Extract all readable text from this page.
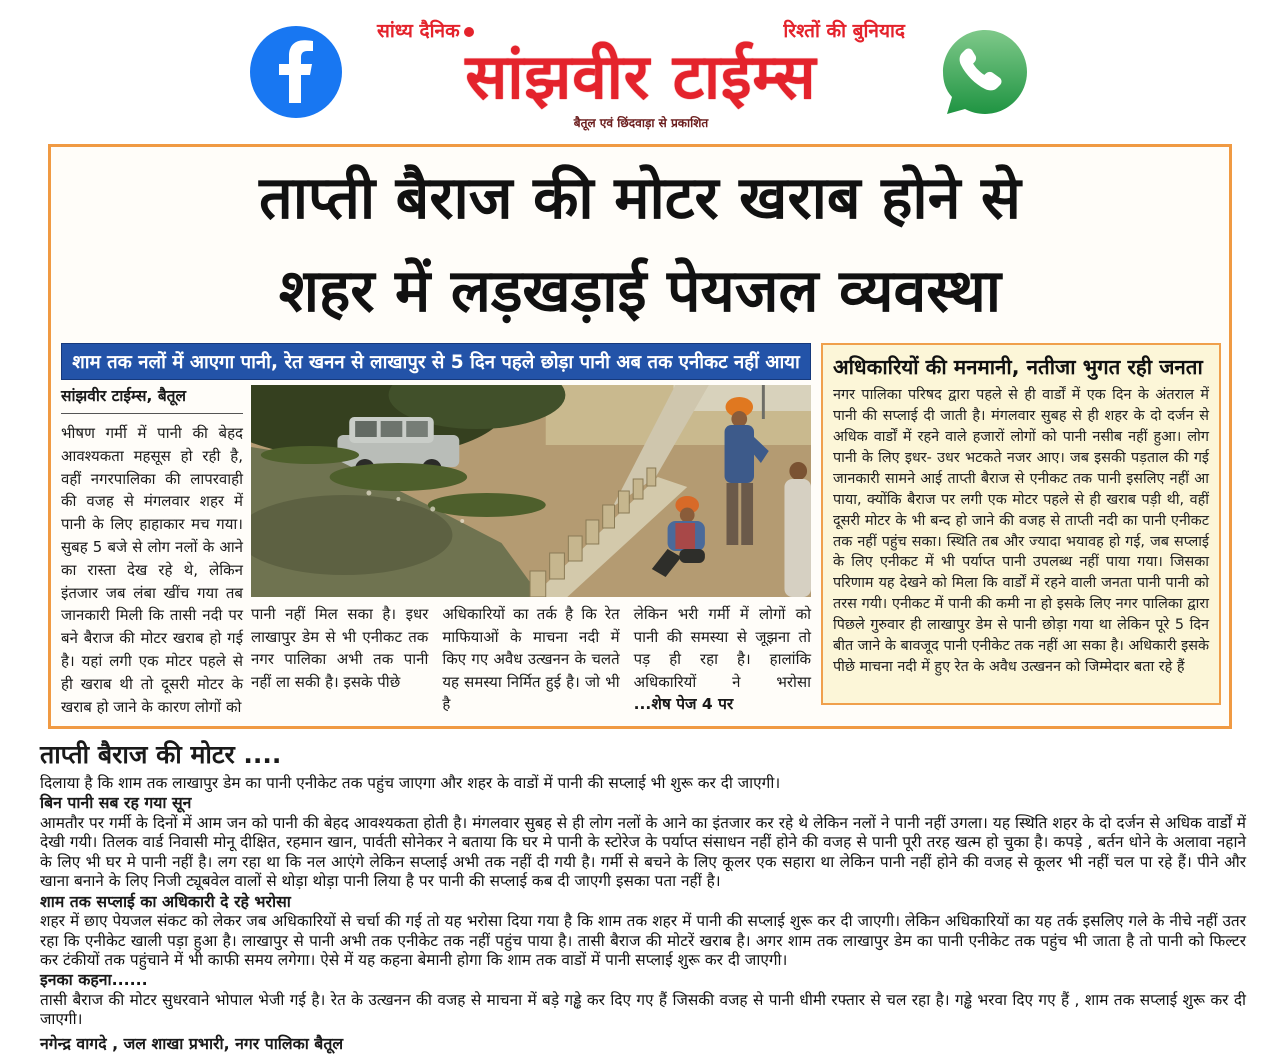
सांध्य दैनिक	रिश्तों की बुनियाद
सांझवीर टाईम्स
बैतूल एवं छिंदवाड़ा से प्रकाशित
ताप्ती बैराज की मोटर खराब होने से
शहर में लड़खड़ाई पेयजल व्यवस्था
शाम तक नलों में आएगा पानी, रेत खनन से लाखापुर से 5 दिन पहले छोड़ा पानी अब तक एनीकट नहीं आया
सांझवीर टाईम्स, बैतूल
भीषण गर्मी में पानी की बेहद आवश्यकता महसूस हो रही है, वहीं नगरपालिका की लापरवाही की वजह से मंगलवार शहर में पानी के लिए हाहाकार मच गया। सुबह 5 बजे से लोग नलों के आने का रास्ता देख रहे थे, लेकिन इंतजार जब लंबा खींच गया तब जानकारी मिली कि तासी नदी पर बने बैराज की मोटर खराब हो गई है। यहां लगी एक मोटर पहले से ही खराब थी तो दूसरी मोटर के खराब हो जाने के कारण लोगों को
पानी नहीं मिल सका है। इधर लाखापुर डेम से भी एनीकट तक नगर पालिका अभी तक पानी नहीं ला सकी है। इसके पीछे
अधिकारियों का तर्क है कि रेत माफियाओं के माचना नदी में किए गए अवैध उत्खनन के चलते यह समस्या निर्मित हुई है। जो भी है
लेकिन भरी गर्मी में लोगों को पानी की समस्या से जूझना तो पड़ ही रहा है। हालांकि अधिकारियों ने भरोसा ...शेष पेज 4 पर
अधिकारियों की मनमानी, नतीजा भुगत रही जनता
नगर पालिका परिषद द्वारा पहले से ही वार्डों में एक दिन के अंतराल में पानी की सप्लाई दी जाती है। मंगलवार सुबह से ही शहर के दो दर्जन से अधिक वार्डों में रहने वाले हजारों लोगों को पानी नसीब नहीं हुआ। लोग पानी के लिए इधर- उधर भटकते नजर आए। जब इसकी पड़ताल की गई जानकारी सामने आई ताप्ती बैराज से एनीकट तक पानी इसलिए नहीं आ पाया, क्योंकि बैराज पर लगी एक मोटर पहले से ही खराब पड़ी थी, वहीं दूसरी मोटर के भी बन्द हो जाने की वजह से ताप्ती नदी का पानी एनीकट तक नहीं पहुंच सका। स्थिति तब और ज्यादा भयावह हो गई, जब सप्लाई के लिए एनीकट में भी पर्याप्त पानी उपलब्ध नहीं पाया गया। जिसका परिणाम यह देखने को मिला कि वार्डों में रहने वाली जनता पानी पानी को तरस गयी। एनीकट में पानी की कमी ना हो इसके लिए नगर पालिका द्वारा पिछले गुरुवार ही लाखापुर डेम से पानी छोड़ा गया था लेकिन पूरे 5 दिन बीत जाने के बावजूद पानी एनीकेट तक नहीं आ सका है। अधिकारी इसके पीछे माचना नदी में हुए रेत के अवैध उत्खनन को जिम्मेदार बता रहे हैं
ताप्ती बैराज की मोटर ....

दिलाया है कि शाम तक लाखापुर डेम का पानी एनीकेट तक पहुंच जाएगा और शहर के वाडों में पानी की सप्लाई भी शुरू कर दी जाएगी।

बिन पानी सब रह गया सून

आमतौर पर गर्मी के दिनों में आम जन को पानी की बेहद आवश्यकता होती है। मंगलवार सुबह से ही लोग नलों के आने का इंतजार कर रहे थे लेकिन नलों ने पानी नहीं उगला। यह स्थिति शहर के दो दर्जन से अधिक वार्डों में देखी गयी। तिलक वार्ड निवासी मोनू दीक्षित, रहमान खान, पार्वती सोनेकर ने बताया कि घर मे पानी के स्टोरेज के पर्याप्त संसाधन नहीं होने की वजह से पानी पूरी तरह खत्म हो चुका है। कपड़े , बर्तन धोने के अलावा नहाने के लिए भी घर मे पानी नहीं है। लग रहा था कि नल आएंगे लेकिन सप्लाई अभी तक नहीं दी गयी है। गर्मी से बचने के लिए कूलर एक सहारा था लेकिन पानी नहीं होने की वजह से कूलर भी नहीं चल पा रहे हैं। पीने और खाना बनाने के लिए निजी ट्यूबवेल वालों से थोड़ा थोड़ा पानी लिया है पर पानी की सप्लाई कब दी जाएगी इसका पता नहीं है।

शाम तक सप्लाई का अधिकारी दे रहे भरोसा

शहर में छाए पेयजल संकट को लेकर जब अधिकारियों से चर्चा की गई तो यह भरोसा दिया गया है कि शाम तक शहर में पानी की सप्लाई शुरू कर दी जाएगी। लेकिन अधिकारियों का यह तर्क इसलिए गले के नीचे नहीं उतर रहा कि एनीकेट खाली पड़ा हुआ है। लाखापुर से पानी अभी तक एनीकेट तक नहीं पहुंच पाया है। तासी बैराज की मोटरें खराब है। अगर शाम तक लाखापुर डेम का पानी एनीकेट तक पहुंच भी जाता है तो पानी को फिल्टर कर टंकीयों तक पहुंचाने में भी काफी समय लगेगा। ऐसे में यह कहना बेमानी होगा कि शाम तक वाडों में पानी सप्लाई शुरू कर दी जाएगी।

इनका कहना......

तासी बैराज की मोटर सुधरवाने भोपाल भेजी गई है। रेत के उत्खनन की वजह से माचना में बड़े गड्ढे कर दिए गए हैं जिसकी वजह से पानी धीमी रफ्तार से चल रहा है। गड्ढे भरवा दिए गए हैं , शाम तक सप्लाई शुरू कर दी जाएगी।

नगेन्द्र वागदे , जल शाखा प्रभारी, नगर पालिका बैतूल
